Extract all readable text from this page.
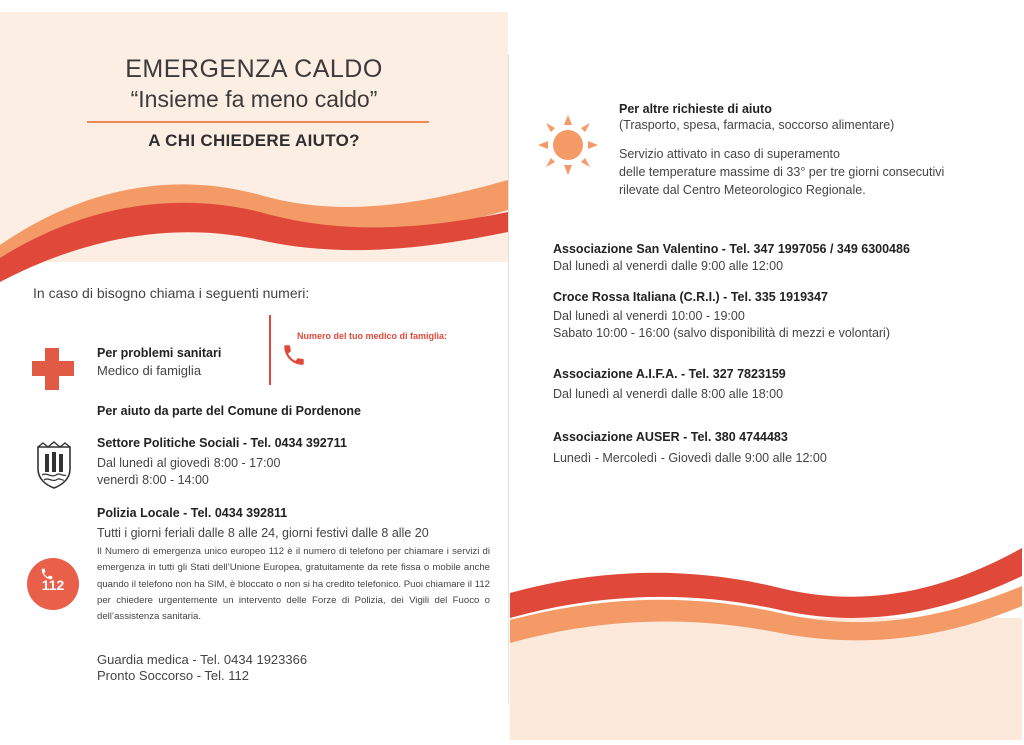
EMERGENZA CALDO
“Insieme fa meno caldo”
A CHI CHIEDERE AIUTO?
In caso di bisogno chiama i seguenti numeri:
Per problemi sanitari
Medico di famiglia
Numero del tuo medico di famiglia:
Per aiuto da parte del Comune di Pordenone
Settore Politiche Sociali - Tel. 0434 392711
Dal lunedì al giovedì 8:00 - 17:00
venerdì 8:00 - 14:00
Polizia Locale - Tel. 0434 392811
Tutti i giorni feriali dalle 8 alle 24, giorni festivi dalle 8 alle 20
Il Numero di emergenza unico europeo 112 è il numero di telefono per chiamare i servizi di emergenza in tutti gli Stati dell’Unione Europea, gratuitamente da rete fissa o mobile anche quando il telefono non ha SIM, è bloccato o non si ha credito telefonico. Puoi chiamare il 112 per chiedere urgentemente un intervento delle Forze di Polizia, dei Vigili del Fuoco o dell’assistenza sanitaria.
112
Guardia medica - Tel. 0434 1923366
Pronto Soccorso - Tel. 112
Per altre richieste di aiuto
(Trasporto, spesa, farmacia, soccorso alimentare)
Servizio attivato in caso di superamento
delle temperature massime di 33° per tre giorni consecutivi
rilevate dal Centro Meteorologico Regionale.
Associazione San Valentino - Tel. 347 1997056 / 349 6300486
Dal lunedì al venerdì dalle 9:00 alle 12:00
Croce Rossa Italiana (C.R.I.) - Tel. 335 1919347
Dal lunedì al venerdì 10:00 - 19:00
Sabato 10:00 - 16:00 (salvo disponibilità di mezzi e volontari)
Associazione A.I.F.A. - Tel. 327 7823159
Dal lunedì al venerdì dalle 8:00 alle 18:00
Associazione AUSER - Tel. 380 4744483
Lunedì - Mercoledì - Giovedì dalle 9:00 alle 12:00
